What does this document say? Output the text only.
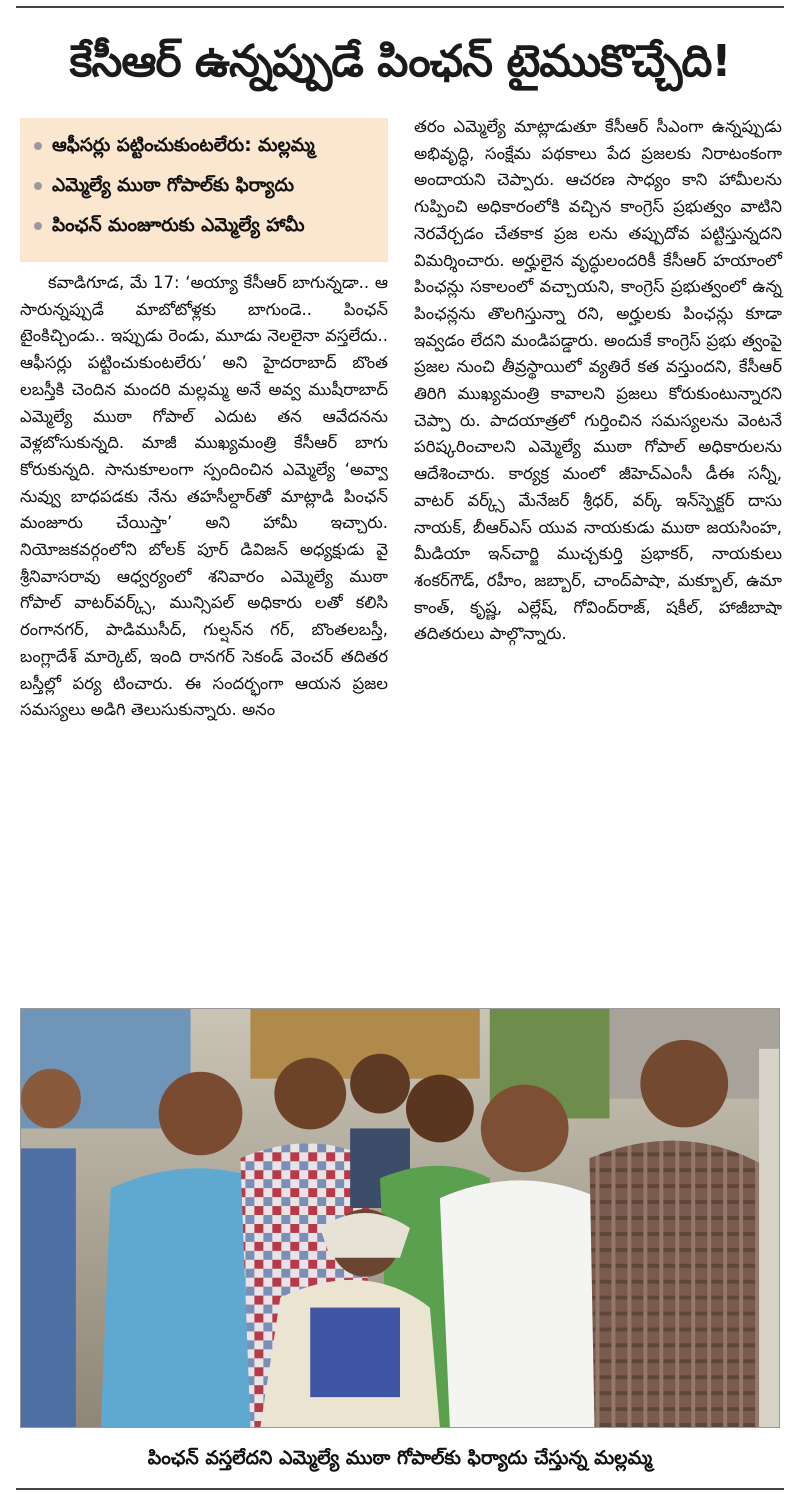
కేసీఆర్ ఉన్నప్పుడే పింఛన్ టైముకొచ్చేది!
ఆఫీసర్లు పట్టించుకుంటలేరు: మల్లమ్మ
ఎమ్మెల్యే ముఠా గోపాల్‌కు ఫిర్యాదు
పింఛన్ మంజూరుకు ఎమ్మెల్యే హామీ

కవాడిగూడ, మే 17: ‘అయ్యా కేసీఆర్ బాగున్నడా.. ఆ సారున్నప్పుడే మాబోటోళ్లకు బాగుండె.. పింఛన్ టైంకిచ్చిండు.. ఇప్పుడు రెండు, మూడు నెలలైనా వస్తలేదు.. ఆఫీసర్లు పట్టించుకుంటలేరు’ అని హైదరాబాద్ బొంత లబస్తీకి చెందిన మందరి మల్లమ్మ అనే అవ్వ ముషీరాబాద్ ఎమ్మెల్యే ముఠా గోపాల్ ఎదుట తన ఆవేదనను వెళ్లబోసుకున్నది. మాజీ ముఖ్యమంత్రి కేసీఆర్ బాగు కోరుకున్నది. సానుకూలంగా స్పందించిన ఎమ్మెల్యే ‘అవ్వా నువ్వు బాధపడకు నేను తహసీల్దార్‌తో మాట్లాడి పింఛన్ మంజూరు చేయిస్తా’ అని హామీ ఇచ్చారు. నియోజకవర్గంలోని బోలక్ పూర్ డివిజన్ అధ్యక్షుడు వై శ్రీనివాసరావు ఆధ్వర్యంలో శనివారం ఎమ్మెల్యే ముఠా గోపాల్ వాటర్‌వర్క్స్, మున్సిపల్ అధికారు లతో కలిసి రంగానగర్, పాడిముసీద్, గుల్షన్‌న గర్, బొంతలబస్తీ, బంగ్లాదేశ్ మార్కెట్, ఇంది రానగర్ సెకండ్ వెంచర్ తదితర బస్తీల్లో పర్య టించారు. ఈ సందర్భంగా ఆయన ప్రజల సమస్యలు అడిగి తెలుసుకున్నారు. అనం

తరం ఎమ్మెల్యే మాట్లాడుతూ కేసీఆర్ సీఎంగా ఉన్నప్పుడు అభివృద్ధి, సంక్షేమ పథకాలు పేద ప్రజలకు నిరాటంకంగా అందాయని చెప్పారు. ఆచరణ సాధ్యం కాని హామీలను గుప్పించి అధికారంలోకి వచ్చిన కాంగ్రెస్ ప్రభుత్వం వాటిని నెరవేర్చడం చేతకాక ప్రజ లను తప్పుదోవ పట్టిస్తున్నదని విమర్శించారు. అర్హులైన వృద్ధులందరికీ కేసీఆర్ హయాంలో పింఛన్లు సకాలంలో వచ్చాయని, కాంగ్రెస్ ప్రభుత్వంలో ఉన్న పింఛన్లను తొలగిస్తున్నా రని, అర్హులకు పింఛన్లు కూడా ఇవ్వడం లేదని మండిపడ్డారు. అందుకే కాంగ్రెస్ ప్రభు త్వంపై ప్రజల నుంచి తీవ్రస్థాయిలో వ్యతిరే కత వస్తుందని, కేసీఆర్ తిరిగి ముఖ్యమంత్రి కావాలని ప్రజలు కోరుకుంటున్నారని చెప్పా రు. పాదయాత్రలో గుర్తించిన సమస్యలను వెంటనే పరిష్కరించాలని ఎమ్మెల్యే ముఠా గోపాల్ అధికారులను ఆదేశించారు. కార్యక్ర మంలో జీహెచ్‌ఎంసీ డీఈ సన్నీ, వాటర్ వర్క్స్ మేనేజర్ శ్రీధర్, వర్క్ ఇన్‌స్పెక్టర్ దాసు నాయక్, బీఆర్‌ఎస్ యువ నాయకుడు ముఠా జయసింహ, మీడియా ఇన్‌చార్జి ముచ్చకుర్తి ప్రభాకర్, నాయకులు శంకర్‌గౌడ్, రహీం, జబ్బార్, చాంద్‌పాషా, మక్బూల్, ఉమా కాంత్, కృష్ణ, ఎల్లేష్, గోవింద్‌రాజ్, షకీల్, హాజీబాషా తదితరులు పాల్గొన్నారు.

పింఛన్ వస్తలేదని ఎమ్మెల్యే ముఠా గోపాల్‌కు ఫిర్యాదు చేస్తున్న మల్లమ్మ
